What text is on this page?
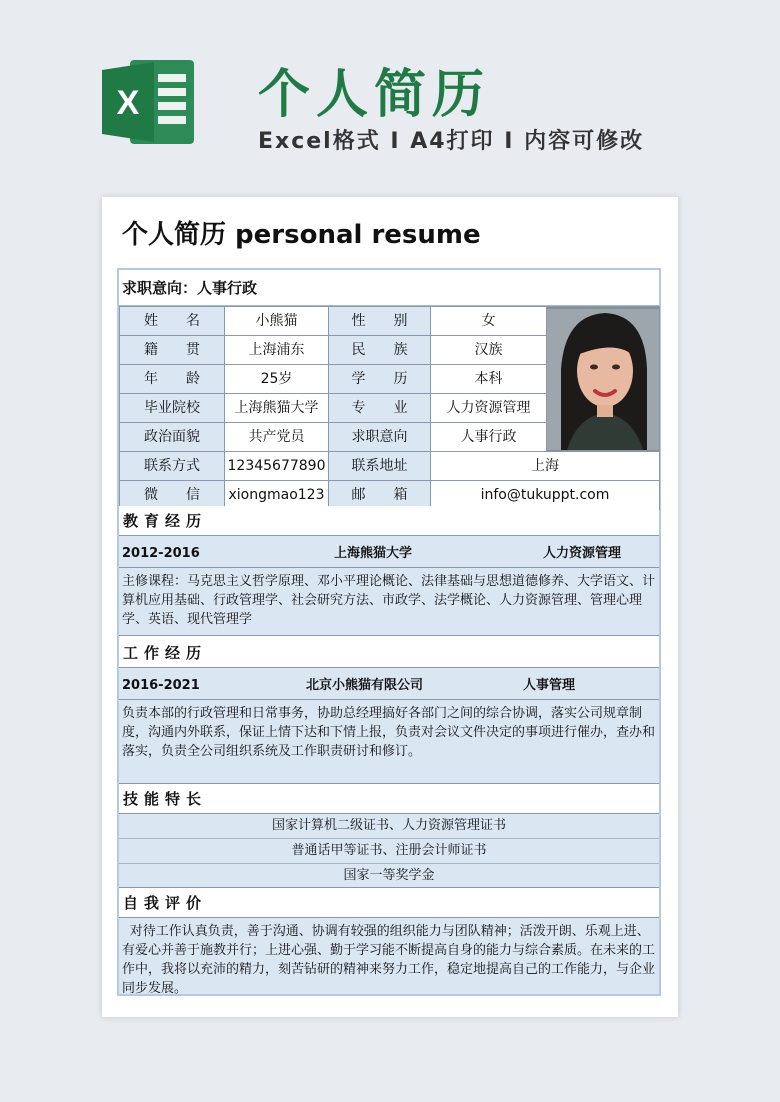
X 个人简历
Excel格式 I A4打印 I 内容可修改
个人简历 personal resume
求职意向：人事行政
姓　　名	小熊猫	性　　别	女	

籍　　贯	上海浦东	民　　族	汉族	
年　　龄	25岁	学　　历	本科	
毕业院校	上海熊猫大学	专　　业	人力资源管理	
政治面貌	共产党员	求职意向	人事行政	
联系方式	12345677890	联系地址	上海	
微　　信	xiongmao123	邮　　箱	info@tukuppt.com	
教育经历
2012-2016	上海熊猫大学	人力资源管理
主修课程：马克思主义哲学原理、邓小平理论概论、法律基础与思想道德修养、大学语文、计算机应用基础、行政管理学、社会研究方法、市政学、法学概论、人力资源管理、管理心理学、英语、现代管理学
工作经历
2016-2021	北京小熊猫有限公司	人事管理
负责本部的行政管理和日常事务，协助总经理搞好各部门之间的综合协调，落实公司规章制度，沟通内外联系，保证上情下达和下情上报，负责对会议文件决定的事项进行催办，查办和落实，负责全公司组织系统及工作职责研讨和修订。
技能特长
国家计算机二级证书、人力资源管理证书
普通话甲等证书、注册会计师证书
国家一等奖学金
自我评价
对待工作认真负责，善于沟通、协调有较强的组织能力与团队精神；活泼开朗、乐观上进、有爱心并善于施教并行；上进心强、勤于学习能不断提高自身的能力与综合素质。在未来的工作中，我将以充沛的精力，刻苦钻研的精神来努力工作，稳定地提高自己的工作能力，与企业同步发展。
